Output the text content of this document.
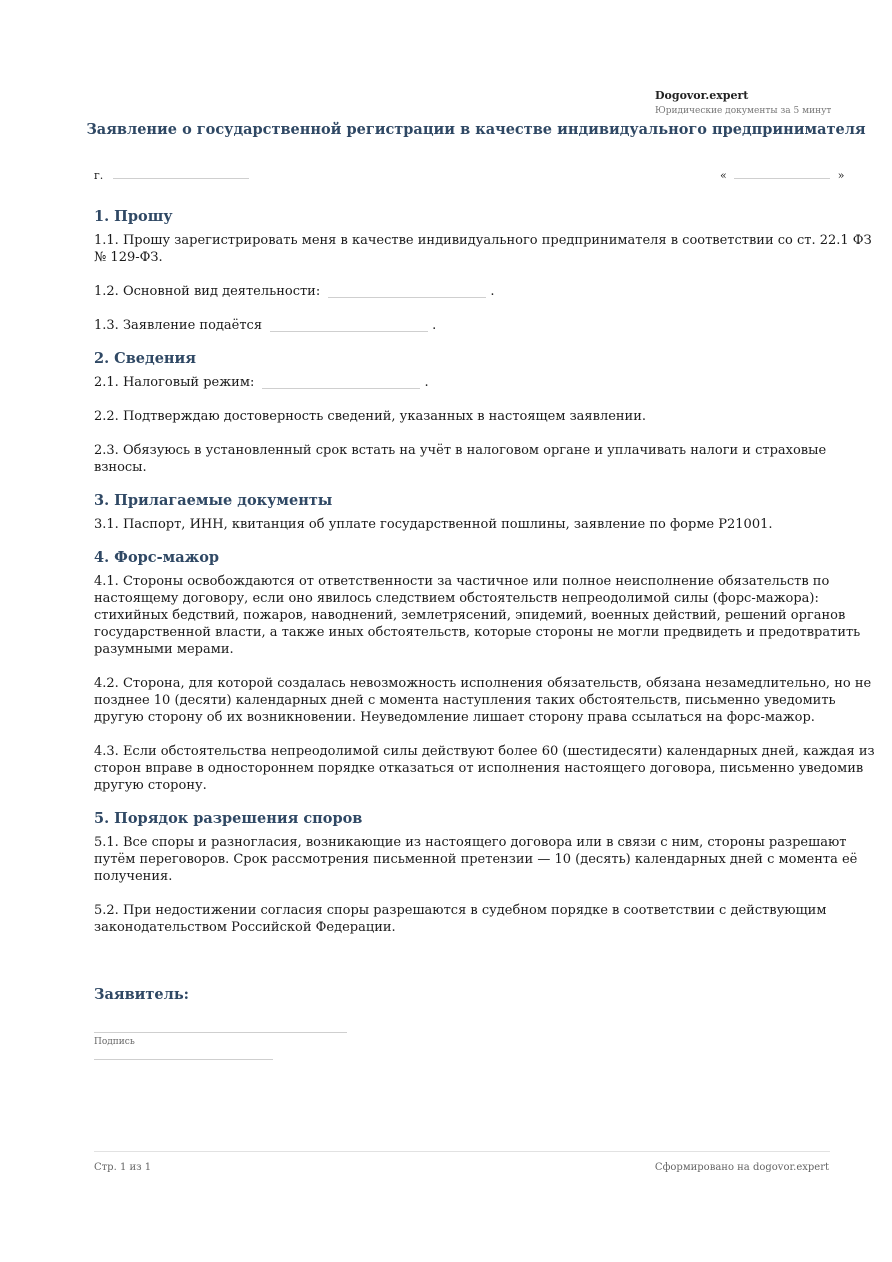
Dogovor.expert
Юридические документы за 5 минут
Заявление о государственной регистрации в качестве индивидуального предпринимателя
г.	«	»
1. Прошу

1.1. Прошу зарегистрировать меня в качестве индивидуального предпринимателя в соответствии со ст. 22.1 ФЗ № 129-ФЗ.

1.2. Основной вид деятельности:	.

1.3. Заявление подаётся	.

2. Сведения

2.1. Налоговый режим:	.

2.2. Подтверждаю достоверность сведений, указанных в настоящем заявлении.

2.3. Обязуюсь в установленный срок встать на учёт в налоговом органе и уплачивать налоги и страховые взносы.

3. Прилагаемые документы

3.1. Паспорт, ИНН, квитанция об уплате государственной пошлины, заявление по форме Р21001.

4. Форс-мажор

4.1. Стороны освобождаются от ответственности за частичное или полное неисполнение обязательств по настоящему договору, если оно явилось следствием обстоятельств непреодолимой силы (форс-мажора): стихийных бедствий, пожаров, наводнений, землетрясений, эпидемий, военных действий, решений органов государственной власти, а также иных обстоятельств, которые стороны не могли предвидеть и предотвратить разумными мерами.

4.2. Сторона, для которой создалась невозможность исполнения обязательств, обязана незамедлительно, но не позднее 10 (десяти) календарных дней с момента наступления таких обстоятельств, письменно уведомить другую сторону об их возникновении. Неуведомление лишает сторону права ссылаться на форс-мажор.

4.3. Если обстоятельства непреодолимой силы действуют более 60 (шестидесяти) календарных дней, каждая из сторон вправе в одностороннем порядке отказаться от исполнения настоящего договора, письменно уведомив другую сторону.

5. Порядок разрешения споров

5.1. Все споры и разногласия, возникающие из настоящего договора или в связи с ним, стороны разрешают путём переговоров. Срок рассмотрения письменной претензии — 10 (десять) календарных дней с момента её получения.

5.2. При недостижении согласия споры разрешаются в судебном порядке в соответствии с действующим законодательством Российской Федерации.

Заявитель:
Подпись
Стр. 1 из 1	Сформировано на dogovor.expert
